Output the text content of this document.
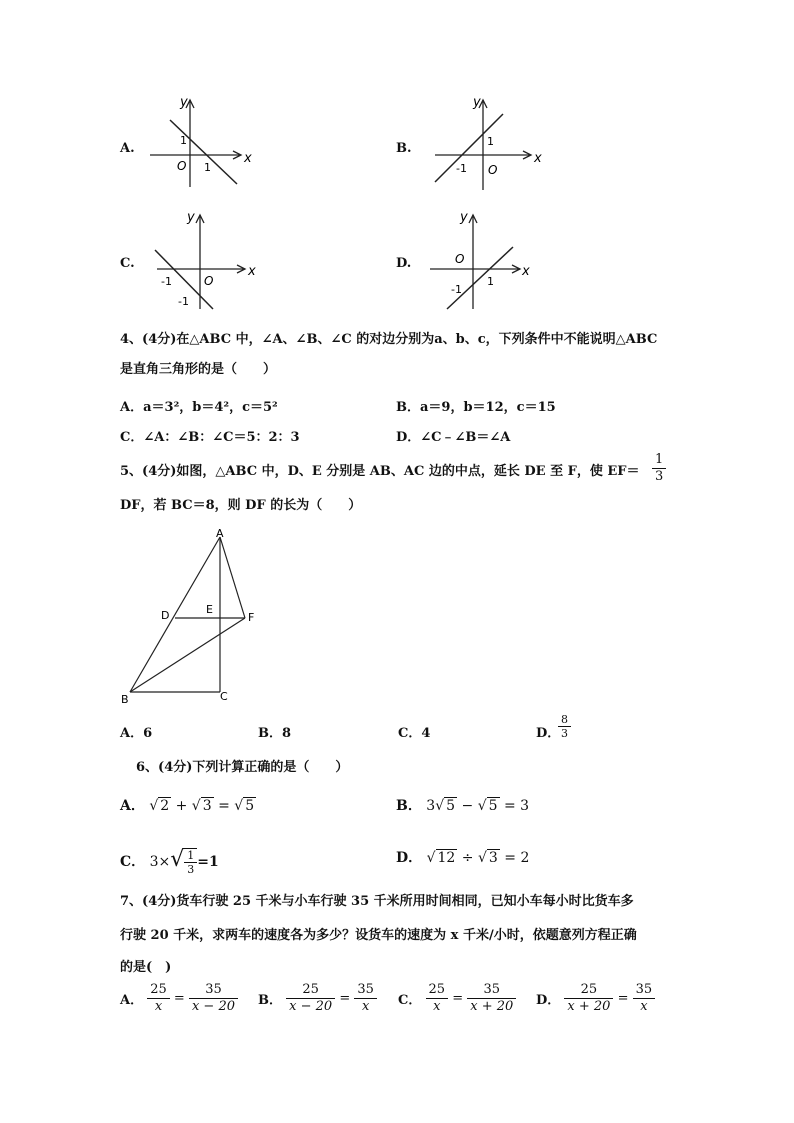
A.
x
y
O
1
1
B.
x
y
O
-1
1
C.
x
y
O
-1
-1
D.
x
y
O
-1
1
4、(4分)在△ABC 中，∠A、∠B、∠C 的对边分别为a、b、c，下列条件中不能说明△ABC
是直角三角形的是（　　）
A．a＝3²，b＝4²，c＝5²	B．a＝9，b＝12，c＝15
C．∠A：∠B：∠C＝5：2：3	D．∠C﹣∠B＝∠A
5、(4分)如图，△ABC 中，D、E 分别是 AB、AC 边的中点，延长 DE 至 F，使 $EF= \frac{1}{3}$
DF，若 BC＝8，则 DF 的长为（　　）
A
B	C
D	E
F
A．6	B．8	C．4	D．
$\frac{8}{3}$
6、(4分)下列计算正确的是（　　）
A． √ 2 + √ 3 = √ 5	B． 3√ 5 − √ 5 = 3
C． $3\times√ \frac{1}{3} =1$	D． √ 12 ÷ √ 3 = 2
7、(4分)货车行驶 25 千米与小车行驶 35 千米所用时间相同，已知小车每小时比货车多
行驶 20 千米，求两车的速度各为多少？设货车的速度为 x 千米/小时，依题意列方程正确
的是(　)
A． $\frac{25}{x} = \frac{35}{x - 20}$ B． $\frac{25}{x - 20} = \frac{35}{x}$ C． $\frac{25}{x} = \frac{35}{x + 20}$ D． $\frac{25}{x + 20} = \frac{35}{x}$
